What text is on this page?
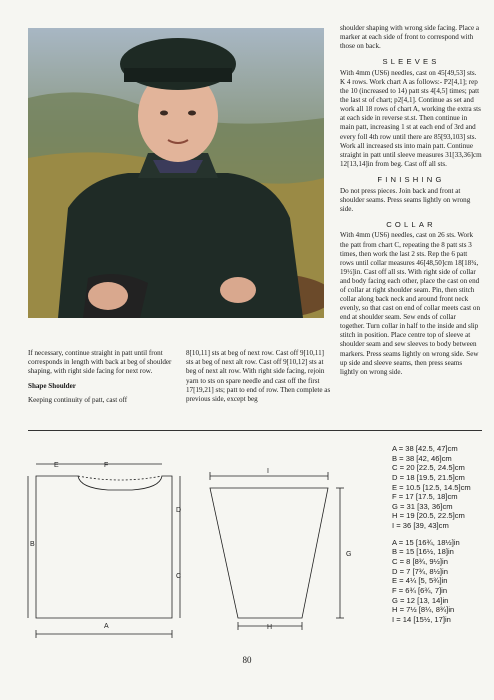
shoulder shaping with wrong side facing. Place a marker at each side of front to correspond with those on back.

SLEEVES

With 4mm (US6) needles, cast on 45[49,53] sts. K 4 rows. Work chart A as follows:- P2[4,1]; rep the 10 (increased to 14) patt sts 4[4,5] times; patt the last st of chart; p2[4,1]. Continue as set and work all 18 rows of chart A, working the extra sts at each side in reverse st.st. Then continue in main patt, increasing 1 st at each end of 3rd and every foll 4th row until there are 85[93,103] sts. Work all increased sts into main patt. Continue straight in patt until sleeve measures 31[33,36]cm 12[13,14]in from beg. Cast off all sts.

FINISHING

Do not press pieces. Join back and front at shoulder seams. Press seams lightly on wrong side.

COLLAR

With 4mm (US6) needles, cast on 26 sts. Work the patt from chart C, repeating the 8 patt sts 3 times, then work the last 2 sts. Rep the 6 patt rows until collar measures 46[48,50]cm 18[18¾, 19½]in. Cast off all sts. With right side of collar and body facing each other, place the cast on end of collar at right shoulder seam. Pin, then stitch collar along back neck and around front neck evenly, so that cast on end of collar meets cast on end at shoulder seam. Sew ends of collar together. Turn collar in half to the inside and slip stitch in position. Place centre top of sleeve at shoulder seam and sew sleeves to body between markers. Press seams lightly on wrong side. Sew up side and sleeve seams, then press seams lightly on wrong side.

If necessary, continue straight in patt until front corresponds in length with back at beg of shoulder shaping, with right side facing for next row.

Shape Shoulder

Keeping continuity of patt, cast off

8[10,11] sts at beg of next row. Cast off 9[10,11] sts at beg of next alt row. Cast off 9[10,12] sts at beg of next alt row. With right side facing, rejoin yarn to sts on spare needle and cast off the first 17[19,21] sts; patt to end of row. Then complete as previous side, except beg

A
B
C
D
E	F
I
H
G
A = 38 [42.5, 47]cm
B = 38 [42, 46]cm
C = 20 [22.5, 24.5]cm
D = 18 [19.5, 21.5]cm
E = 10.5 [12.5, 14.5]cm
F = 17 [17.5, 18]cm
G = 31 [33, 36]cm
H = 19 [20.5, 22.5]cm
I = 36 [39, 43]cm
A = 15 [16¾, 18½]in
B = 15 [16½, 18]in
C = 8 [8¾, 9½]in
D = 7 [7¾, 8½]in
E = 4¼ [5, 5¾]in
F = 6¾ [6¾, 7]in
G = 12 [13, 14]in
H = 7½ [8¼, 8¾]in
I = 14 [15½, 17]in
80
